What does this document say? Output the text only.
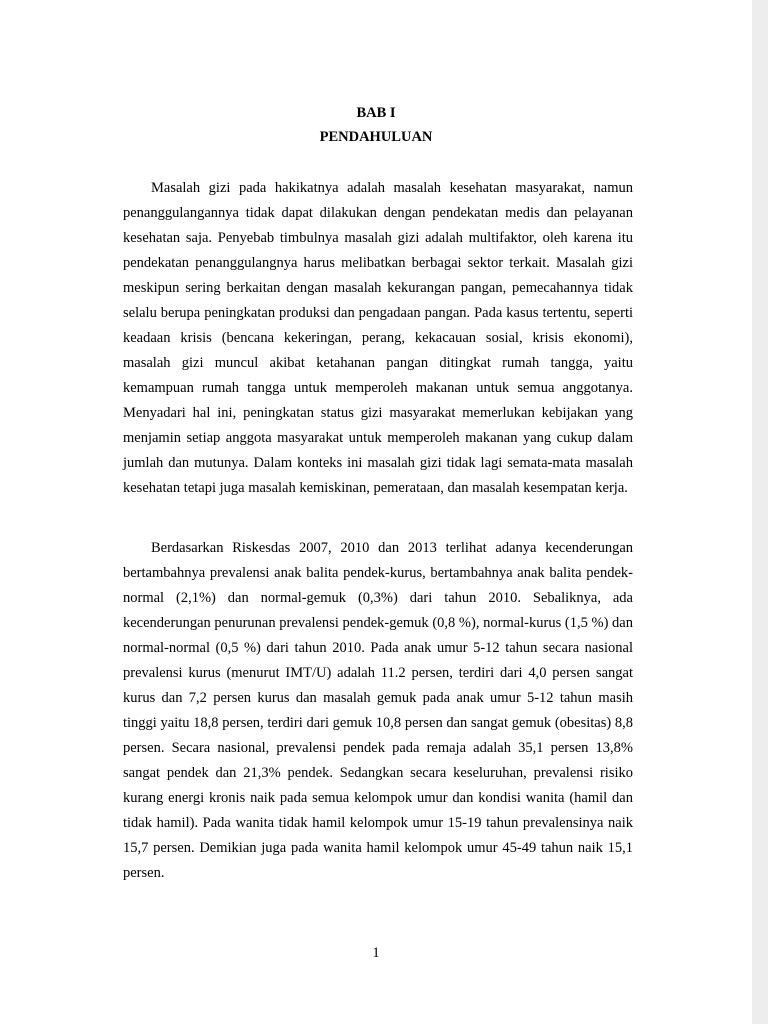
BAB I
PENDAHULUAN

Masalah gizi pada hakikatnya adalah masalah kesehatan masyarakat, namun penanggulangannya tidak dapat dilakukan dengan pendekatan medis dan pelayanan kesehatan saja. Penyebab timbulnya masalah gizi adalah multifaktor, oleh karena itu pendekatan penanggulangnya harus melibatkan berbagai sektor terkait. Masalah gizi meskipun sering berkaitan dengan masalah kekurangan pangan, pemecahannya tidak selalu berupa peningkatan produksi dan pengadaan pangan. Pada kasus tertentu, seperti keadaan krisis (bencana kekeringan, perang, kekacauan sosial, krisis ekonomi), masalah gizi muncul akibat ketahanan pangan ditingkat rumah tangga, yaitu kemampuan rumah tangga untuk memperoleh makanan untuk semua anggotanya. Menyadari hal ini, peningkatan status gizi masyarakat memerlukan kebijakan yang menjamin setiap anggota masyarakat untuk memperoleh makanan yang cukup dalam jumlah dan mutunya. Dalam konteks ini masalah gizi tidak lagi semata-mata masalah kesehatan tetapi juga masalah kemiskinan, pemerataan, dan masalah kesempatan kerja.

Berdasarkan Riskesdas 2007, 2010 dan 2013 terlihat adanya kecenderungan bertambahnya prevalensi anak balita pendek-kurus, bertambahnya anak balita pendek-normal (2,1%) dan normal-gemuk (0,3%) dari tahun 2010. Sebaliknya, ada kecenderungan penurunan prevalensi pendek-gemuk (0,8 %), normal-kurus (1,5 %) dan normal-normal (0,5 %) dari tahun 2010. Pada anak umur 5-12 tahun secara nasional prevalensi kurus (menurut IMT/U) adalah 11.2 persen, terdiri dari 4,0 persen sangat kurus dan 7,2 persen kurus dan masalah gemuk pada anak umur 5-12 tahun masih tinggi yaitu 18,8 persen, terdiri dari gemuk 10,8 persen dan sangat gemuk (obesitas) 8,8 persen. Secara nasional, prevalensi pendek pada remaja adalah 35,1 persen 13,8% sangat pendek dan 21,3% pendek. Sedangkan secara keseluruhan, prevalensi risiko kurang energi kronis naik pada semua kelompok umur dan kondisi wanita (hamil dan tidak hamil). Pada wanita tidak hamil kelompok umur 15-19 tahun prevalensinya naik 15,7 persen. Demikian juga pada wanita hamil kelompok umur 45-49 tahun naik 15,1 persen.

1
